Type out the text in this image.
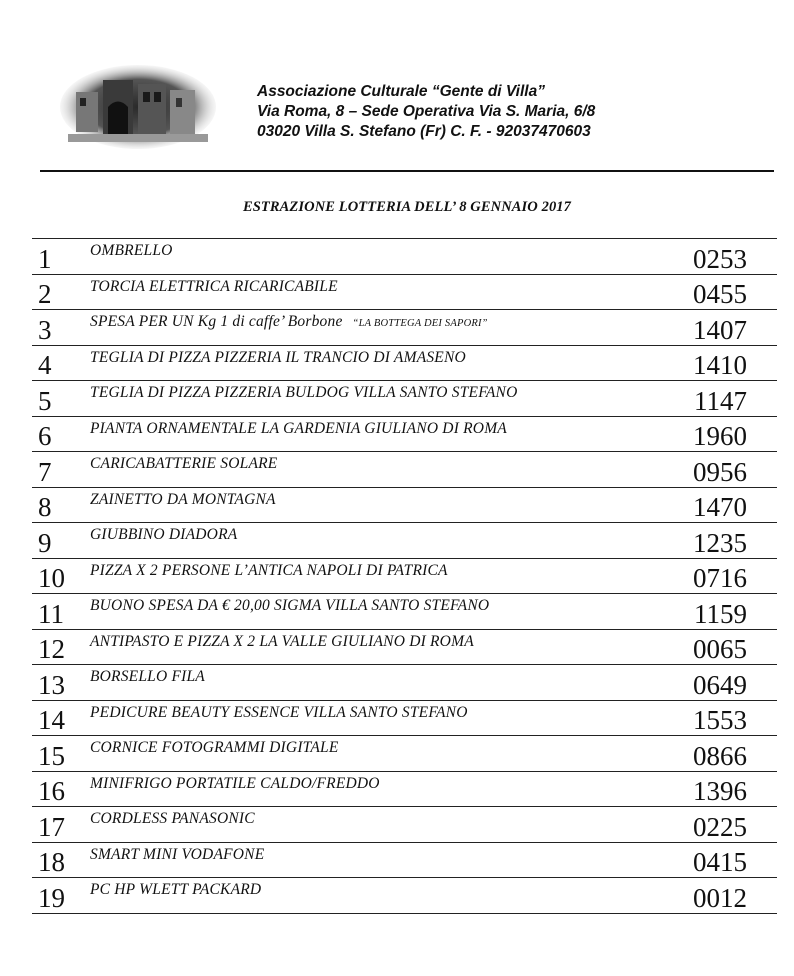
Associazione Culturale “Gente di Villa”
Via Roma, 8 – Sede Operativa Via S. Maria, 6/8
03020 Villa S. Stefano (Fr) C. F. - 92037470603
ESTRAZIONE LOTTERIA DELL’ 8 GENNAIO 2017
1 OMBRELLO	0253
2 TORCIA ELETTRICA RICARICABILE	0455
3 SPESA PER UN Kg 1 di caffe’ Borbone “LA BOTTEGA DEI SAPORI”	1407
4 TEGLIA DI PIZZA PIZZERIA IL TRANCIO DI AMASENO	1410
5 TEGLIA DI PIZZA PIZZERIA BULDOG VILLA SANTO STEFANO	1147
6 PIANTA ORNAMENTALE LA GARDENIA GIULIANO DI ROMA	1960
7 CARICABATTERIE SOLARE	0956
8 ZAINETTO DA MONTAGNA	1470
9 GIUBBINO DIADORA	1235
10 PIZZA X 2 PERSONE L’ANTICA NAPOLI DI PATRICA	0716
11 BUONO SPESA DA € 20,00 SIGMA VILLA SANTO STEFANO	1159
12 ANTIPASTO E PIZZA X 2 LA VALLE GIULIANO DI ROMA	0065
13 BORSELLO FILA	0649
14 PEDICURE BEAUTY ESSENCE VILLA SANTO STEFANO	1553
15 CORNICE FOTOGRAMMI DIGITALE	0866
16 MINIFRIGO PORTATILE CALDO/FREDDO	1396
17 CORDLESS PANASONIC	0225
18 SMART MINI VODAFONE	0415
19 PC HP WLETT PACKARD	0012
